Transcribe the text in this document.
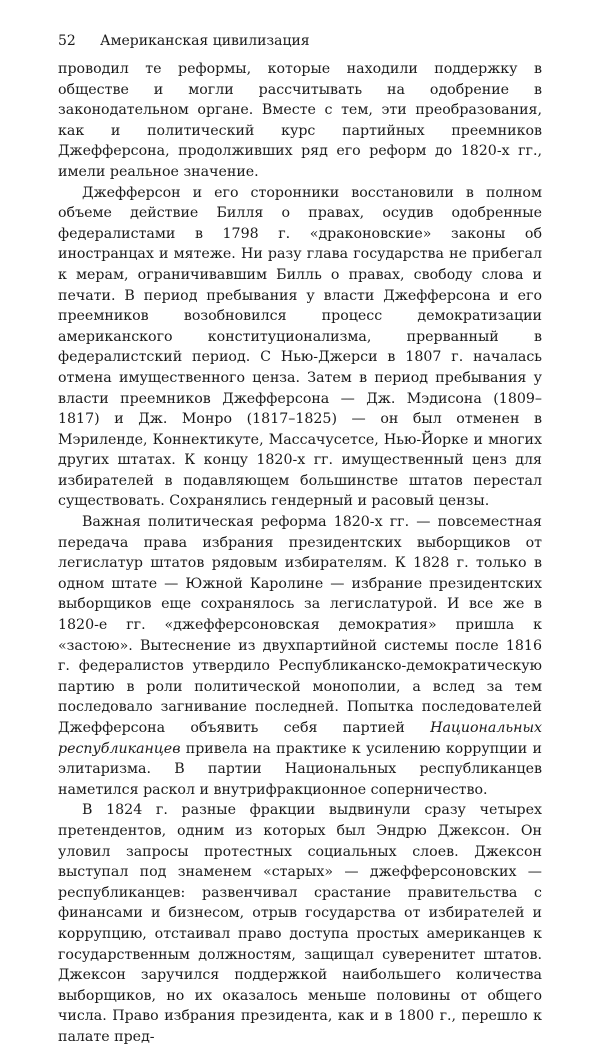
52 Американская цивилизация

проводил те реформы, которые находили поддержку в обществе и могли рассчитывать на одобрение в законодательном органе. Вместе с тем, эти преобразования, как и политический курс партийных преемников Джефферсона, продолживших ряд его реформ до 1820-х гг., имели реальное значение.

Джефферсон и его сторонники восстановили в полном объеме действие Билля о правах, осудив одобренные федералистами в 1798 г. «драконовские» законы об иностранцах и мятеже. Ни разу глава государства не прибегал к мерам, ограничивавшим Билль о правах, свободу слова и печати. В период пребывания у власти Джефферсона и его преемников возобновился процесс демократизации американского конституционализма, прерванный в федералистский период. С Нью-Джерси в 1807 г. началась отмена имущественного ценза. Затем в период пребывания у власти преемников Джефферсона — Дж. Мэдисона (1809–1817) и Дж. Монро (1817–1825) — он был отменен в Мэриленде, Коннектикуте, Массачусетсе, Нью-Йорке и многих других штатах. К концу 1820-х гг. имущественный ценз для избирателей в подавляющем большинстве штатов перестал существовать. Сохранялись гендерный и расовый цензы.

Важная политическая реформа 1820-х гг. — повсеместная передача права избрания президентских выборщиков от легислатур штатов рядовым избирателям. К 1828 г. только в одном штате — Южной Каролине — избрание президентских выборщиков еще сохранялось за легислатурой. И все же в 1820-е гг. «джефферсоновская демократия» пришла к «застою». Вытеснение из двухпартийной системы после 1816 г. федералистов утвердило Республиканско-демократическую партию в роли политической монополии, а вслед за тем последовало загнивание последней. Попытка последователей Джефферсона объявить себя партией Национальных республиканцев привела на практике к усилению коррупции и элитаризма. В партии Национальных республиканцев наметился раскол и внутрифракционное соперничество.

В 1824 г. разные фракции выдвинули сразу четырех претендентов, одним из которых был Эндрю Джексон. Он уловил запросы протестных социальных слоев. Джексон выступал под знаменем «старых» — джефферсоновских — республиканцев: развенчивал срастание правительства с финансами и бизнесом, отрыв государства от избирателей и коррупцию, отстаивал право доступа простых американцев к государственным должностям, защищал суверенитет штатов. Джексон заручился поддержкой наибольшего количества выборщиков, но их оказалось меньше половины от общего числа. Право избрания президента, как и в 1800 г., перешло к палате пред-
